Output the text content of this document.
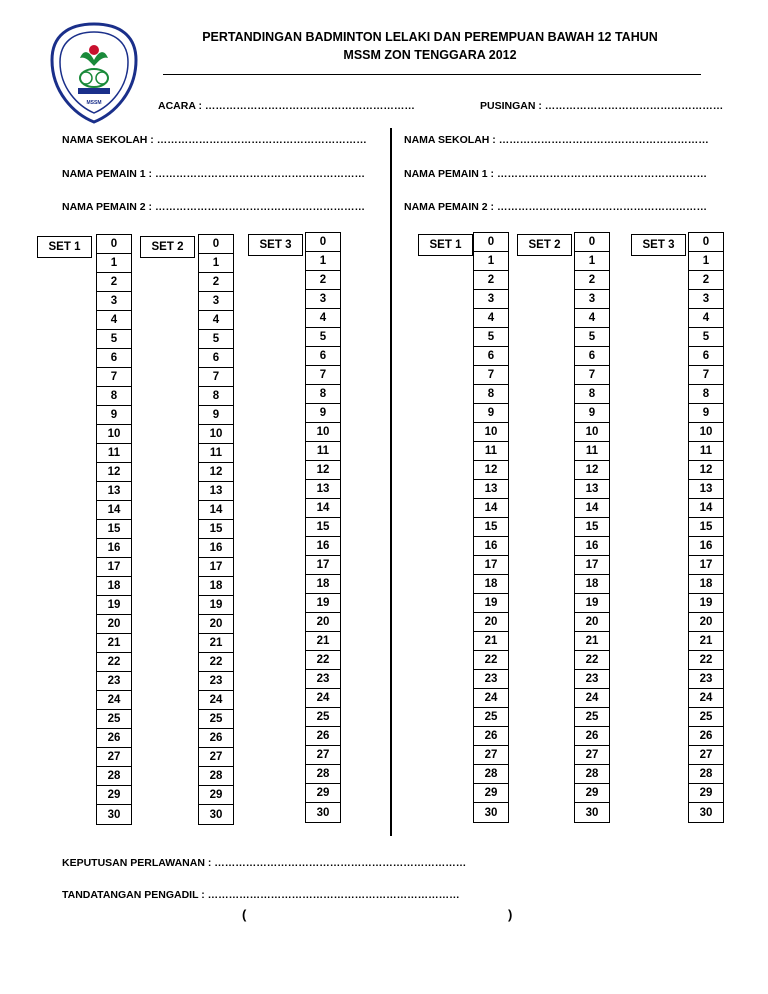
MSSM
PERTANDINGAN BADMINTON LELAKI DAN PEREMPUAN BAWAH 12 TAHUN
MSSM ZON TENGGARA 2012
ACARA : ……………………………………………………	PUSINGAN : ……………………………………………
NAMA SEKOLAH : ……………………………………………………
NAMA PEMAIN 1 : ……………………………………………………
NAMA PEMAIN 2 : ……………………………………………………
NAMA SEKOLAH : ……………………………………………………
NAMA PEMAIN 1 : ……………………………………………………
NAMA PEMAIN 2 : ……………………………………………………
SET 1	0
1
2
3
4
5
6
7
8
9
10
11
12
13
14
15
16
17
18
19
20
21
22
23
24
25
26
27
28
29
30
SET 2	0
1
2
3
4
5
6
7
8
9
10
11
12
13
14
15
16
17
18
19
20
21
22
23
24
25
26
27
28
29
30
SET 3	0
1
2
3
4
5
6
7
8
9
10
11
12
13
14
15
16
17
18
19
20
21
22
23
24
25
26
27
28
29
30
SET 1	0
1
2
3
4
5
6
7
8
9
10
11
12
13
14
15
16
17
18
19
20
21
22
23
24
25
26
27
28
29
30
SET 2	0
1
2
3
4
5
6
7
8
9
10
11
12
13
14
15
16
17
18
19
20
21
22
23
24
25
26
27
28
29
30
SET 3	0
1
2
3
4
5
6
7
8
9
10
11
12
13
14
15
16
17
18
19
20
21
22
23
24
25
26
27
28
29
30
KEPUTUSAN PERLAWANAN : ………………………………………………………………
TANDATANGAN PENGADIL : ………………………………………………………………
(	)
